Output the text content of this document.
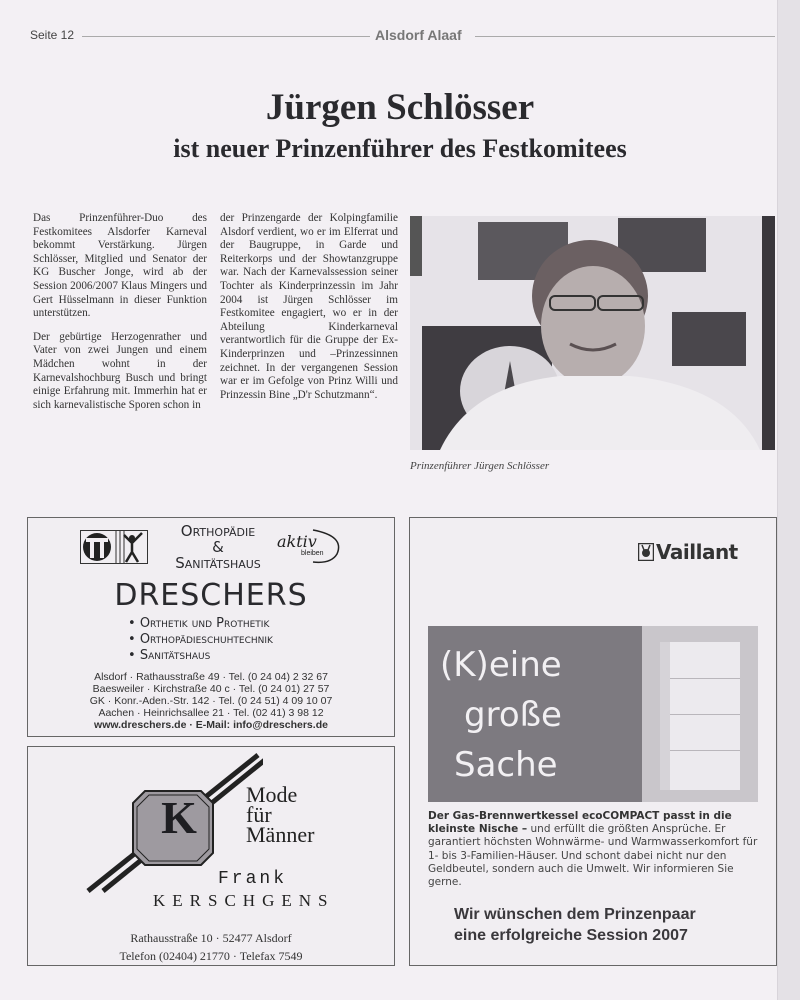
Seite 12	Alsdorf Alaaf
Jürgen Schlösser
ist neuer Prinzenführer des Festkomitees

Das Prinzenführer-Duo des Festkomitees Alsdorfer Karneval bekommt Verstärkung. Jürgen Schlösser, Mitglied und Senator der KG Buscher Jonge, wird ab der Session 2006/2007 Klaus Mingers und Gert Hüsselmann in dieser Funktion unterstützen.

Der gebürtige Herzogenrather und Vater von zwei Jungen und einem Mädchen wohnt in der Karnevalshochburg Busch und bringt einige Erfahrung mit. Immerhin hat er sich karnevalistische Sporen schon in

der Prinzengarde der Kolpingfamilie Alsdorf verdient, wo er im Elferrat und der Baugruppe, in Garde und Reiterkorps und der Showtanzgruppe war. Nach der Karnevalssession seiner Tochter als Kinderprinzessin im Jahr 2004 ist Jürgen Schlösser im Festkomitee engagiert, wo er in der Abteilung Kinderkarneval verantwortlich für die Gruppe der Ex-Kinderprinzen und –Prinzessinnen zeichnet. In der vergangenen Session war er im Gefolge von Prinz Willi und Prinzessin Bine „D'r Schutzmann“.

Prinzenführer Jürgen Schlösser
Orthopädie
&
Sanitätshaus
aktiv
bleiben
DRESCHERS
• Orthetik und Prothetik
• Orthopädieschuhtechnik
• Sanitätshaus
Alsdorf · Rathausstraße 49 · Tel. (0 24 04) 2 32 67
Baesweiler · Kirchstraße 40 c · Tel. (0 24 01) 27 57
GK · Konr.-Aden.-Str. 142 · Tel. (0 24 51) 4 09 10 07
Aachen · Heinrichsallee 21 · Tel. (02 41) 3 98 12
www.dreschers.de · E-Mail: info@dreschers.de
K	Mode
für
Männer
Frank
KERSCHGENS
Rathausstraße 10 · 52477 Alsdorf
Telefon (02404) 21770 · Telefax 7549
Vaillant
(K)eine
große
Sache
Der Gas-Brennwertkessel ecoCOMPACT passt in die kleinste Nische – und erfüllt die größten Ansprüche. Er garantiert höchsten Wohnwärme- und Warmwasserkomfort für 1- bis 3-Familien-Häuser. Und schont dabei nicht nur den Geldbeutel, sondern auch die Umwelt. Wir informieren Sie gerne.
Wir wünschen dem Prinzenpaar
eine erfolgreiche Session 2007
